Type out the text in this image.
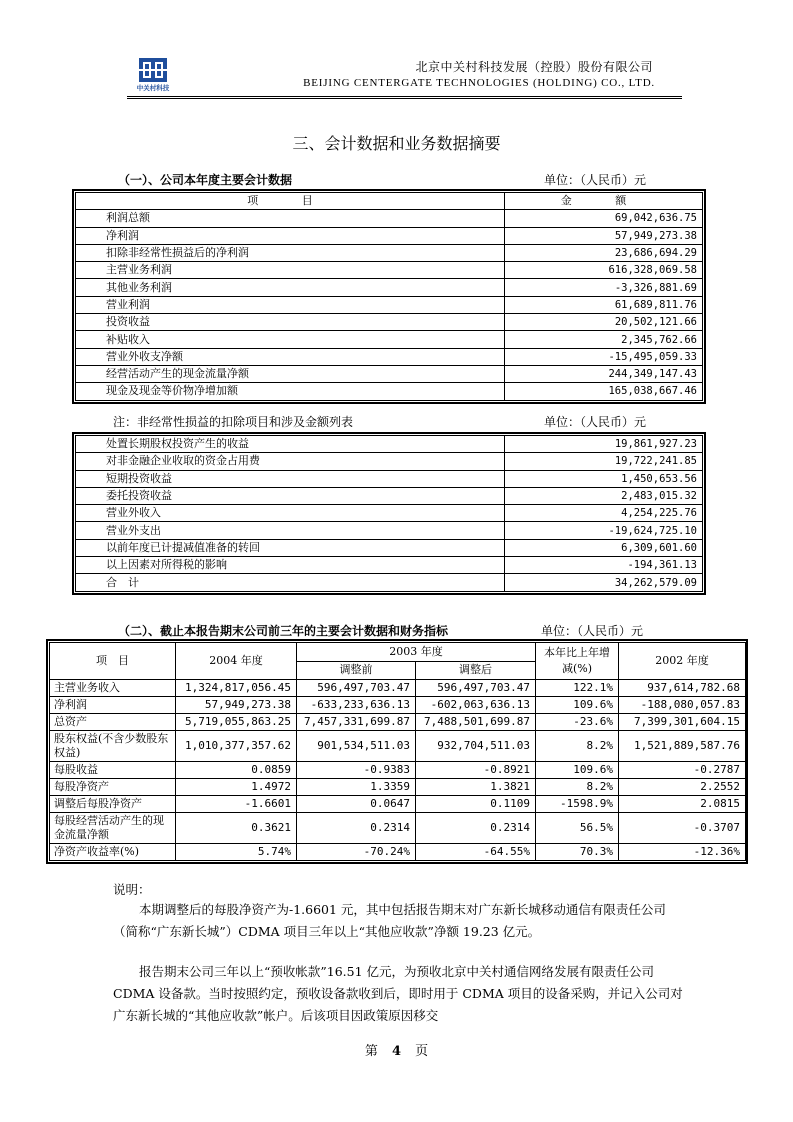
中关村科技
北京中关村科技发展（控股）股份有限公司
BEIJING CENTERGATE TECHNOLOGIES (HOLDING) CO., LTD.
三、会计数据和业务数据摘要
（一）、公司本年度主要会计数据	单位：（人民币）元
项 目	金 额
利润总额	69,042,636.75
净利润	57,949,273.38
扣除非经常性损益后的净利润	23,686,694.29
主营业务利润	616,328,069.58
其他业务利润	-3,326,881.69
营业利润	61,689,811.76
投资收益	20,502,121.66
补贴收入	2,345,762.66
营业外收支净额	-15,495,059.33
经营活动产生的现金流量净额	244,349,147.43
现金及现金等价物净增加额	165,038,667.46
注：非经常性损益的扣除项目和涉及金额列表	单位：（人民币）元
处置长期股权投资产生的收益	19,861,927.23
对非金融企业收取的资金占用费	19,722,241.85
短期投资收益	1,450,653.56
委托投资收益	2,483,015.32
营业外收入	4,254,225.76
营业外支出	-19,624,725.10
以前年度已计提减值准备的转回	6,309,601.60
以上因素对所得税的影响	-194,361.13
合　计	34,262,579.09
（二）、截止本报告期末公司前三年的主要会计数据和财务指标	单位：（人民币）元
项　目	2004 年度	2003 年度		本年比上年增减(%)	2002 年度
		调整前	调整后		
主营业务收入	1,324,817,056.45	596,497,703.47	596,497,703.47	122.1%	937,614,782.68
净利润	57,949,273.38	-633,233,636.13	-602,063,636.13	109.6%	-188,080,057.83
总资产	5,719,055,863.25	7,457,331,699.87	7,488,501,699.87	-23.6%	7,399,301,604.15
股东权益(不含少数股东权益)	1,010,377,357.62	901,534,511.03	932,704,511.03	8.2%	1,521,889,587.76
每股收益	0.0859	-0.9383	-0.8921	109.6%	-0.2787
每股净资产	1.4972	1.3359	1.3821	8.2%	2.2552
调整后每股净资产	-1.6601	0.0647	0.1109	-1598.9%	2.0815
每股经营活动产生的现金流量净额	0.3621	0.2314	0.2314	56.5%	-0.3707
净资产收益率(%)	5.74%	-70.24%	-64.55%	70.3%	-12.36%
说明：
本期调整后的每股净资产为-1.6601 元，其中包括报告期末对广东新长城移动通信有限责任公司（简称“广东新长城”）CDMA 项目三年以上“其他应收款”净额 19.23 亿元。
报告期末公司三年以上“预收帐款”16.51 亿元，为预收北京中关村通信网络发展有限责任公司 CDMA 设备款。当时按照约定，预收设备款收到后，即时用于 CDMA 项目的设备采购，并记入公司对广东新长城的“其他应收款”帐户。后该项目因政策原因移交
第 4 页
